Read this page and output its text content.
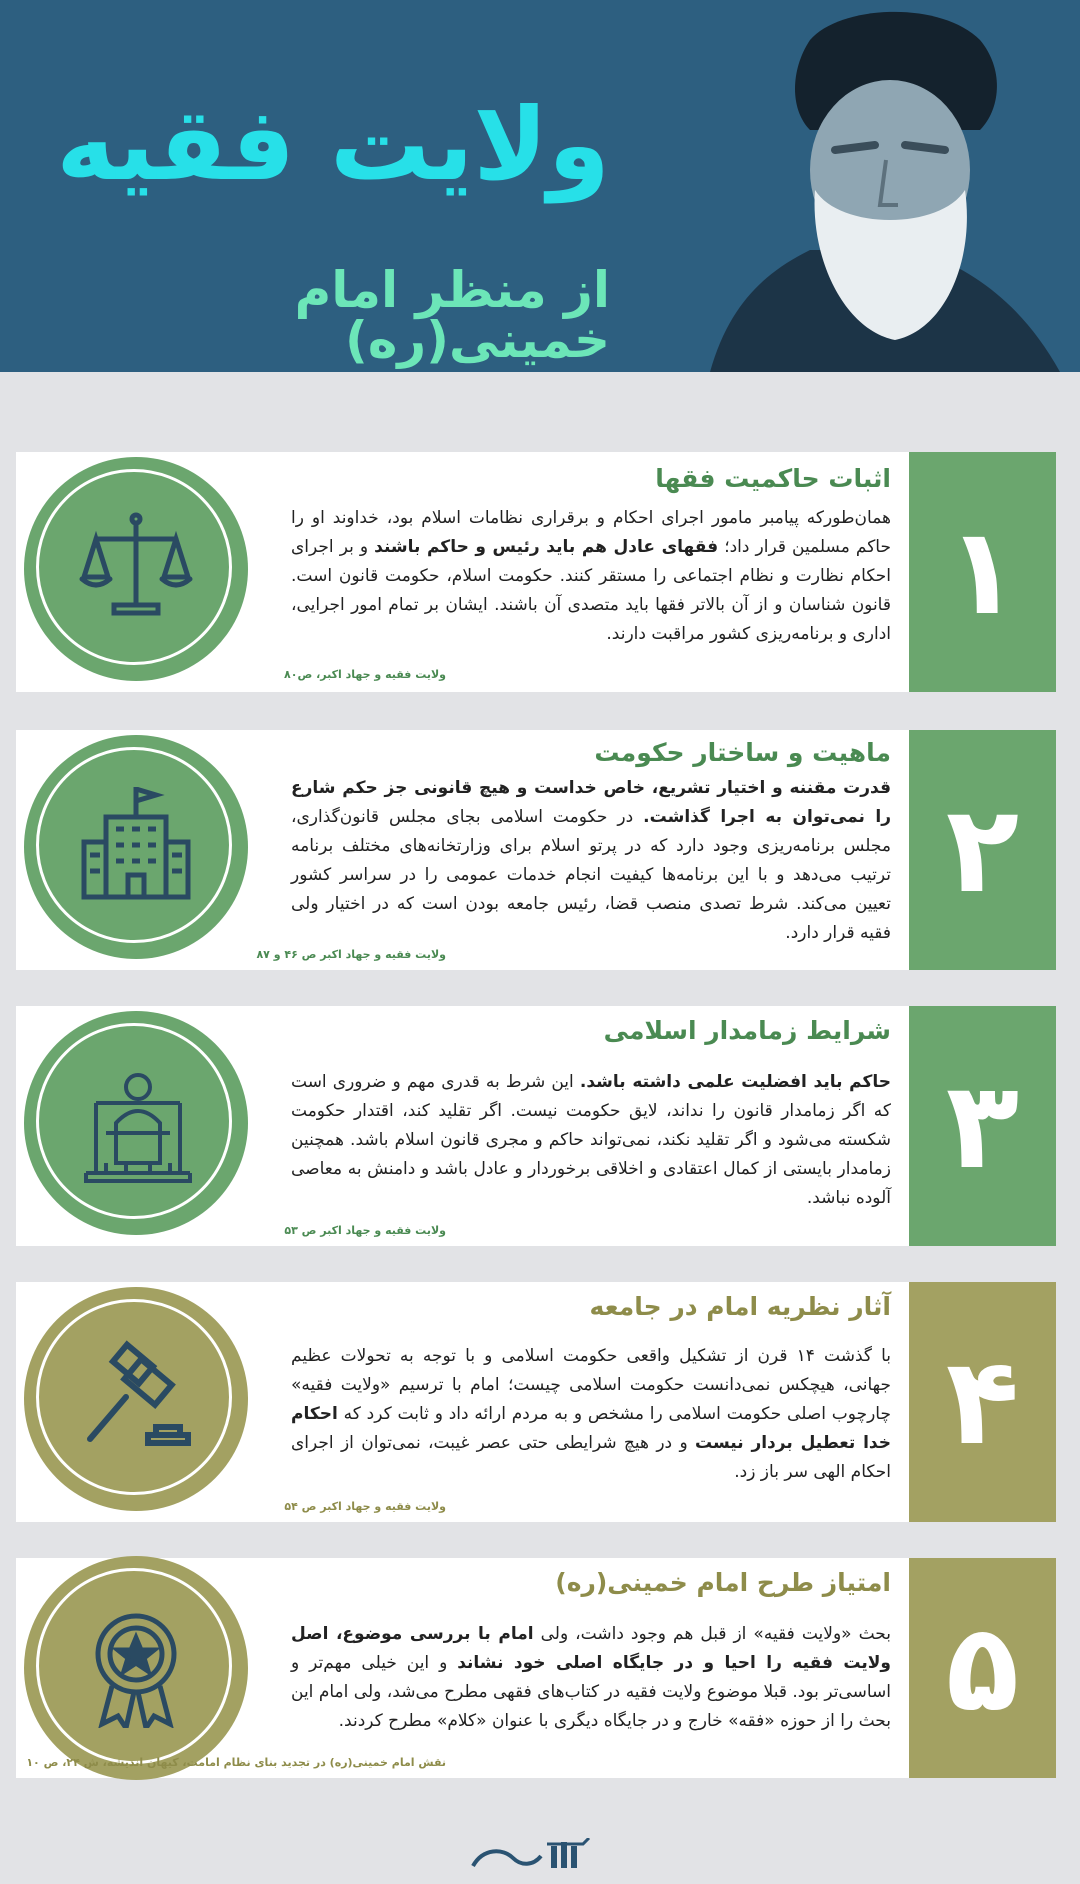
ولایت فقیه
از منظر امام خمینی(ره)
۱
اثبات حاکمیت فقها
همان‌طورکه پیامبر مامور اجرای احکام و برقراری نظامات اسلام بود، خداوند او را حاکم مسلمین قرار داد؛ فقهای عادل هم باید رئیس و حاکم باشند و بر اجرای احکام نظارت و نظام اجتماعی را مستقر کنند. حکومت اسلام، حکومت قانون است. قانون شناسان و از آن بالاتر فقها باید متصدی آن باشند. ایشان بر تمام امور اجرایی، اداری و برنامه‌ریزی کشور مراقبت دارند.
ولایت فقیه و جهاد اکبر، ص۸۰
۲
ماهیت و ساختار حکومت
قدرت مقننه و اختیار تشریع، خاص خداست و هیچ قانونی جز حکم شارع را نمی‌توان به اجرا گذاشت. در حکومت اسلامی بجای مجلس قانون‌گذاری، مجلس برنامه‌ریزی وجود دارد که در پرتو اسلام برای وزارتخانه‌های مختلف برنامه ترتیب می‌دهد و با این برنامه‌ها کیفیت انجام خدمات عمومی را در سراسر کشور تعیین می‌کند. شرط تصدی منصب قضا، رئیس جامعه بودن است که در اختیار ولی فقیه قرار دارد.
ولایت فقیه و جهاد اکبر ص ۴۶ و ۸۷
۳
شرایط زمامدار اسلامی
حاکم باید افضلیت علمی داشته باشد. این شرط به قدری مهم و ضروری است که اگر زمامدار قانون را نداند، لایق حکومت نیست. اگر تقلید کند، اقتدار حکومت شکسته می‌شود و اگر تقلید نکند، نمی‌تواند حاکم و مجری قانون اسلام باشد. همچنین زمامدار بایستی از کمال اعتقادی و اخلاقی برخوردار و عادل باشد و دامنش به معاصی آلوده نباشد.
ولایت فقیه و جهاد اکبر ص ۵۳
۴
آثار نظریه امام در جامعه
با گذشت ۱۴ قرن از تشکیل واقعی حکومت اسلامی و با توجه به تحولات عظیم جهانی، هیچکس نمی‌دانست حکومت اسلامی چیست؛ امام با ترسیم «ولایت فقیه» چارچوب اصلی حکومت اسلامی را مشخص و به مردم ارائه داد و ثابت کرد که احکام خدا تعطیل بردار نیست و در هیچ شرایطی حتی عصر غیبت، نمی‌توان از اجرای احکام الهی سر باز زد.
ولایت فقیه و جهاد اکبر ص ۵۴
۵
امتیاز طرح امام خمینی(ره)
بحث «ولایت فقیه» از قبل هم وجود داشت، ولی امام با بررسی موضوع، اصل ولایت فقیه را احیا و در جایگاه اصلی خود نشاند و این خیلی مهم‌تر و اساسی‌تر بود. قبلا موضوع ولایت فقیه در کتاب‌های فقهی مطرح می‌شد، ولی امام این بحث را از حوزه «فقه» خارج و در جایگاه دیگری با عنوان «کلام» مطرح کردند.
نقش امام خمینی(ره) در تجدید بنای نظام امامت، کیهان اندیشه، ش ۲۴، ص ۱۰
